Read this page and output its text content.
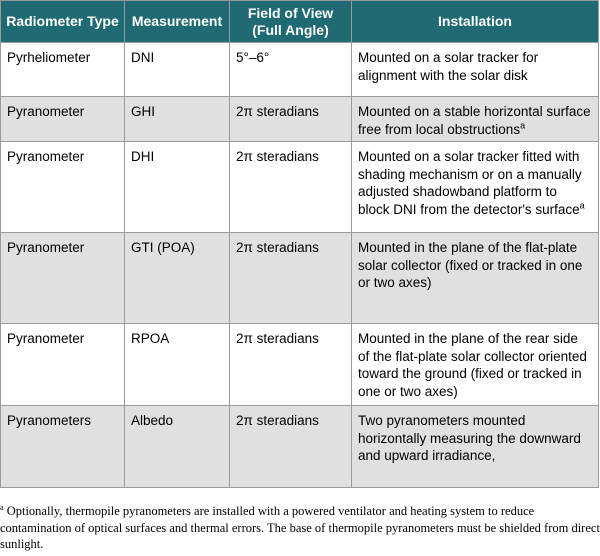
Radiometer Type	Measurement	Field of View (Full Angle)	Installation
Pyrheliometer	DNI	5°–6°	Mounted on a solar tracker for alignment with the solar disk
Pyranometer	GHI	2π steradians	Mounted on a stable horizontal surface free from local obstructions$^a$
Pyranometer	DHI	2π steradians	Mounted on a solar tracker fitted with shading mechanism or on a manually adjusted shadowband platform to block DNI from the detector's surface$^a$
Pyranometer	GTI (POA)	2π steradians	Mounted in the plane of the flat-plate solar collector (fixed or tracked in one or two axes)
Pyranometer	RPOA	2π steradians	Mounted in the plane of the rear side of the flat-plate solar collector oriented toward the ground (fixed or tracked in one or two axes)
Pyranometers	Albedo	2π steradians	Two pyranometers mounted horizontally measuring the downward and upward irradiance,
$^a$ Optionally, thermopile pyranometers are installed with a powered ventilator and heating system to reduce contamination of optical surfaces and thermal errors. The base of thermopile pyranometers must be shielded from direct sunlight.
